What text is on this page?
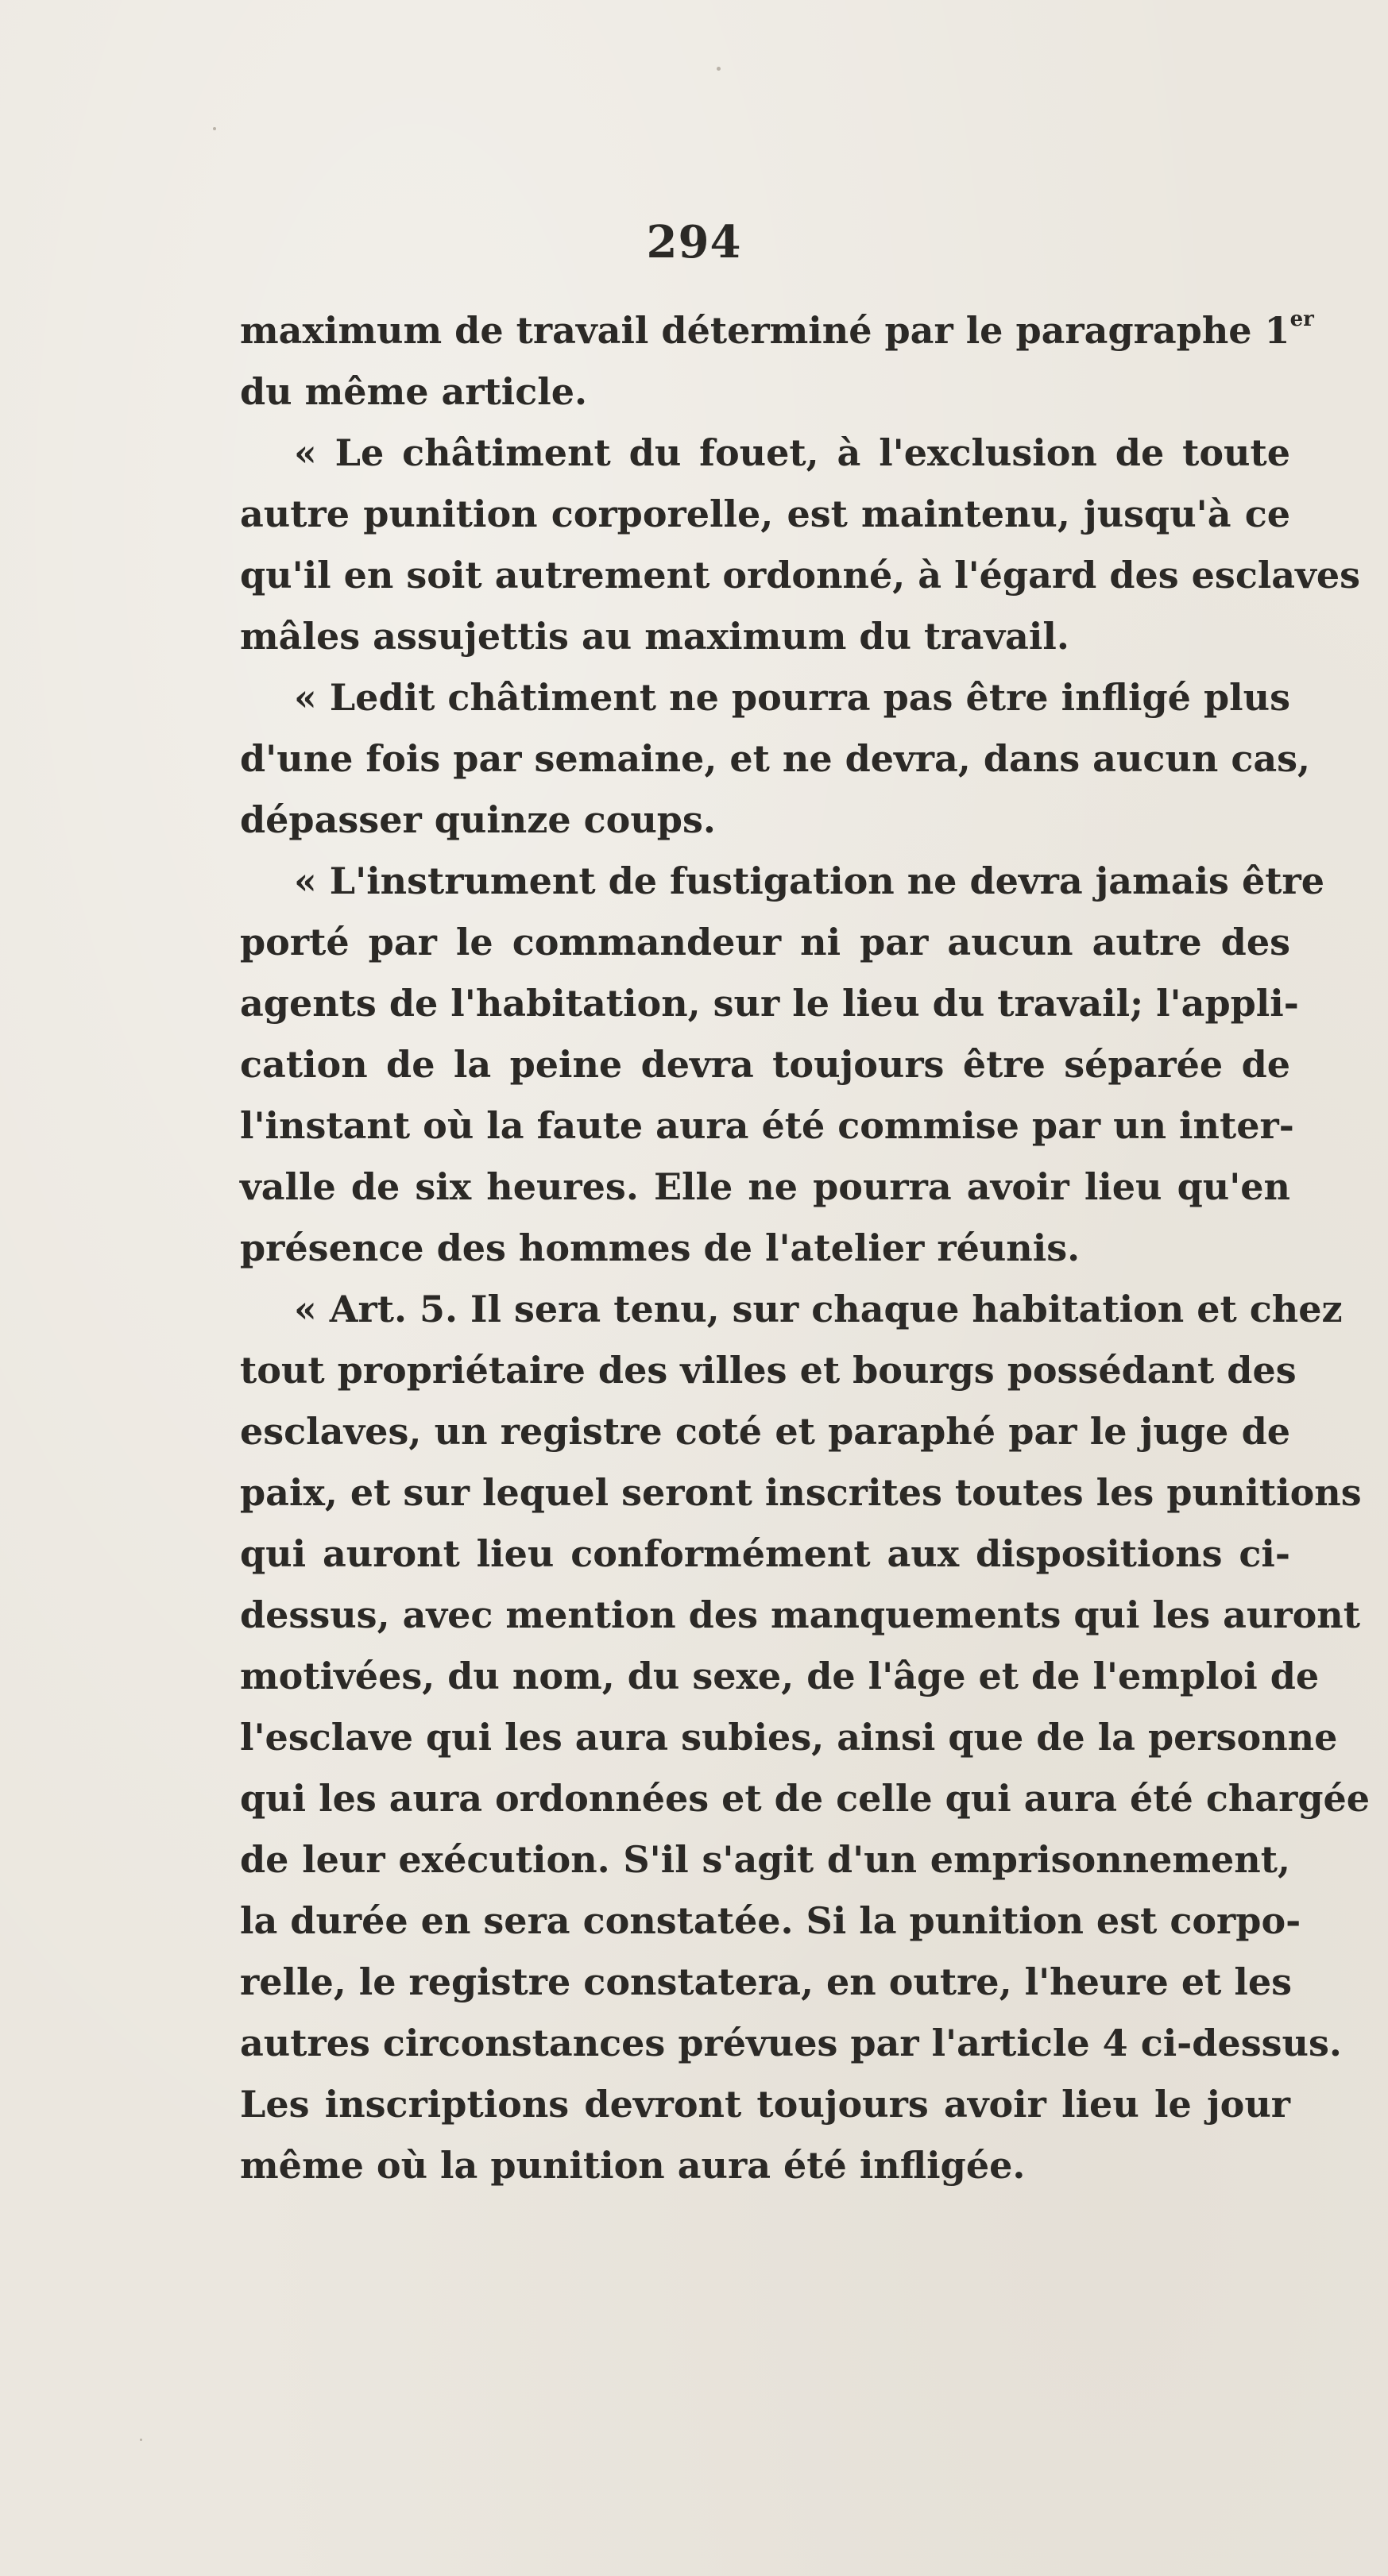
294
maximum de travail déterminé par le paragraphe 1er
du même article.
« Le châtiment du fouet, à l'exclusion de toute
autre punition corporelle, est maintenu, jusqu'à ce
qu'il en soit autrement ordonné, à l'égard des esclaves
mâles assujettis au maximum du travail.
« Ledit châtiment ne pourra pas être infligé plus
d'une fois par semaine, et ne devra, dans aucun cas,
dépasser quinze coups.
« L'instrument de fustigation ne devra jamais être
porté par le commandeur ni par aucun autre des
agents de l'habitation, sur le lieu du travail; l'appli-
cation de la peine devra toujours être séparée de
l'instant où la faute aura été commise par un inter-
valle de six heures. Elle ne pourra avoir lieu qu'en
présence des hommes de l'atelier réunis.
« Art. 5. Il sera tenu, sur chaque habitation et chez
tout propriétaire des villes et bourgs possédant des
esclaves, un registre coté et paraphé par le juge de
paix, et sur lequel seront inscrites toutes les punitions
qui auront lieu conformément aux dispositions ci-
dessus, avec mention des manquements qui les auront
motivées, du nom, du sexe, de l'âge et de l'emploi de
l'esclave qui les aura subies, ainsi que de la personne
qui les aura ordonnées et de celle qui aura été chargée
de leur exécution. S'il s'agit d'un emprisonnement,
la durée en sera constatée. Si la punition est corpo-
relle, le registre constatera, en outre, l'heure et les
autres circonstances prévues par l'article 4 ci-dessus.
Les inscriptions devront toujours avoir lieu le jour
même où la punition aura été infligée.
